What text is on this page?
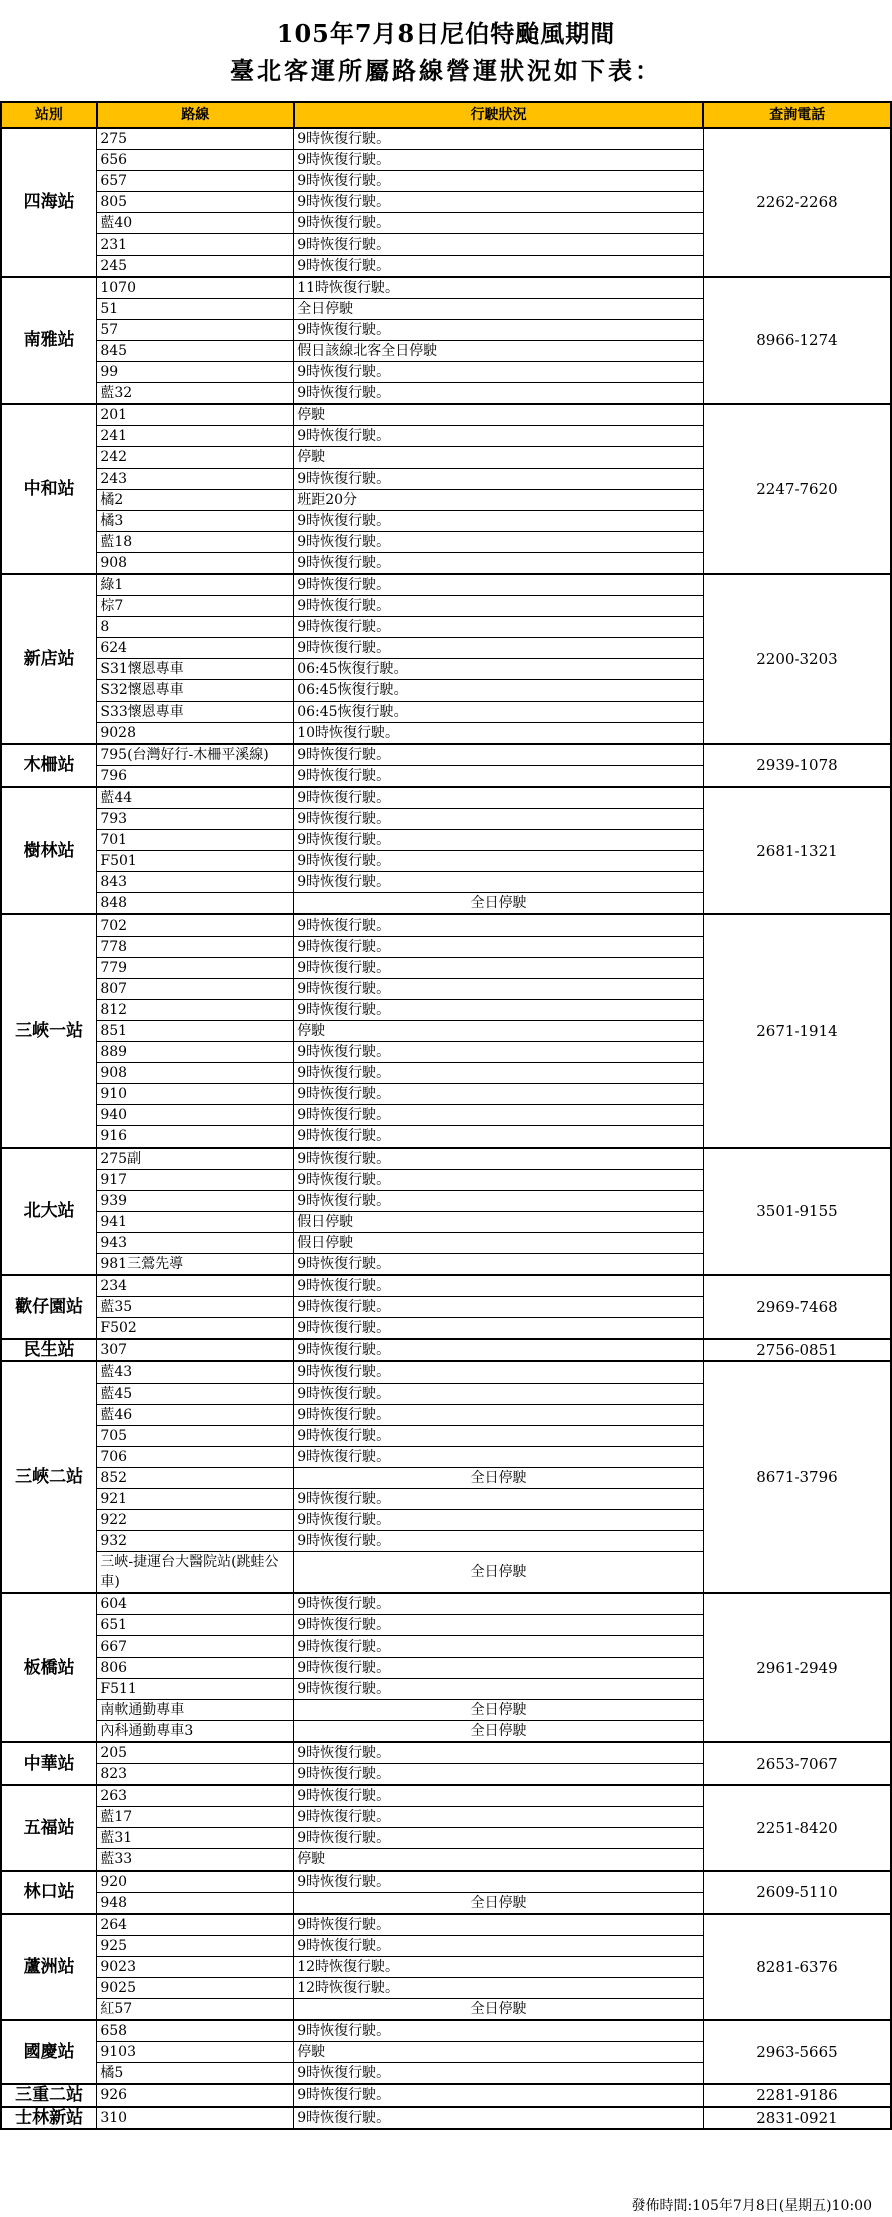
105年7月8日尼伯特颱風期間
臺北客運所屬路線營運狀況如下表：
站別	路線	行駛狀況	查詢電話
四海站	275	9時恢復行駛。	2262-2268
	656	9時恢復行駛。	
	657	9時恢復行駛。	
	805	9時恢復行駛。	
	藍40	9時恢復行駛。	
	231	9時恢復行駛。	
	245	9時恢復行駛。	
南雅站	1070	11時恢復行駛。	8966-1274
	51	全日停駛	
	57	9時恢復行駛。	
	845	假日該線北客全日停駛	
	99	9時恢復行駛。	
	藍32	9時恢復行駛。	
中和站	201	停駛	2247-7620
	241	9時恢復行駛。	
	242	停駛	
	243	9時恢復行駛。	
	橘2	班距20分	
	橘3	9時恢復行駛。	
	藍18	9時恢復行駛。	
	908	9時恢復行駛。	
新店站	綠1	9時恢復行駛。	2200-3203
	棕7	9時恢復行駛。	
	8	9時恢復行駛。	
	624	9時恢復行駛。	
	S31懷恩專車	06:45恢復行駛。	
	S32懷恩專車	06:45恢復行駛。	
	S33懷恩專車	06:45恢復行駛。	
	9028	10時恢復行駛。	
木柵站	795(台灣好行-木柵平溪線)	9時恢復行駛。	2939-1078
	796	9時恢復行駛。	
樹林站	藍44	9時恢復行駛。	2681-1321
	793	9時恢復行駛。	
	701	9時恢復行駛。	
	F501	9時恢復行駛。	
	843	9時恢復行駛。	
	848	全日停駛	
三峽一站	702	9時恢復行駛。	2671-1914
	778	9時恢復行駛。	
	779	9時恢復行駛。	
	807	9時恢復行駛。	
	812	9時恢復行駛。	
	851	停駛	
	889	9時恢復行駛。	
	908	9時恢復行駛。	
	910	9時恢復行駛。	
	940	9時恢復行駛。	
	916	9時恢復行駛。	
北大站	275副	9時恢復行駛。	3501-9155
	917	9時恢復行駛。	
	939	9時恢復行駛。	
	941	假日停駛	
	943	假日停駛	
	981三鶯先導	9時恢復行駛。	
歡仔園站	234	9時恢復行駛。	2969-7468
	藍35	9時恢復行駛。	
	F502	9時恢復行駛。	
民生站	307	9時恢復行駛。	2756-0851
三峽二站	藍43	9時恢復行駛。	8671-3796
	藍45	9時恢復行駛。	
	藍46	9時恢復行駛。	
	705	9時恢復行駛。	
	706	9時恢復行駛。	
	852	全日停駛	
	921	9時恢復行駛。	
	922	9時恢復行駛。	
	932	9時恢復行駛。	
	三峽-捷運台大醫院站(跳蛙公車)	全日停駛	
板橋站	604	9時恢復行駛。	2961-2949
	651	9時恢復行駛。	
	667	9時恢復行駛。	
	806	9時恢復行駛。	
	F511	9時恢復行駛。	
	南軟通勤專車	全日停駛	
	內科通勤專車3	全日停駛	
中華站	205	9時恢復行駛。	2653-7067
	823	9時恢復行駛。	
五福站	263	9時恢復行駛。	2251-8420
	藍17	9時恢復行駛。	
	藍31	9時恢復行駛。	
	藍33	停駛	
林口站	920	9時恢復行駛。	2609-5110
	948	全日停駛	
蘆洲站	264	9時恢復行駛。	8281-6376
	925	9時恢復行駛。	
	9023	12時恢復行駛。	
	9025	12時恢復行駛。	
	紅57	全日停駛	
國慶站	658	9時恢復行駛。	2963-5665
	9103	停駛	
	橘5	9時恢復行駛。	
三重二站	926	9時恢復行駛。	2281-9186
士林新站	310	9時恢復行駛。	2831-0921
發佈時間:105年7月8日(星期五)10:00
